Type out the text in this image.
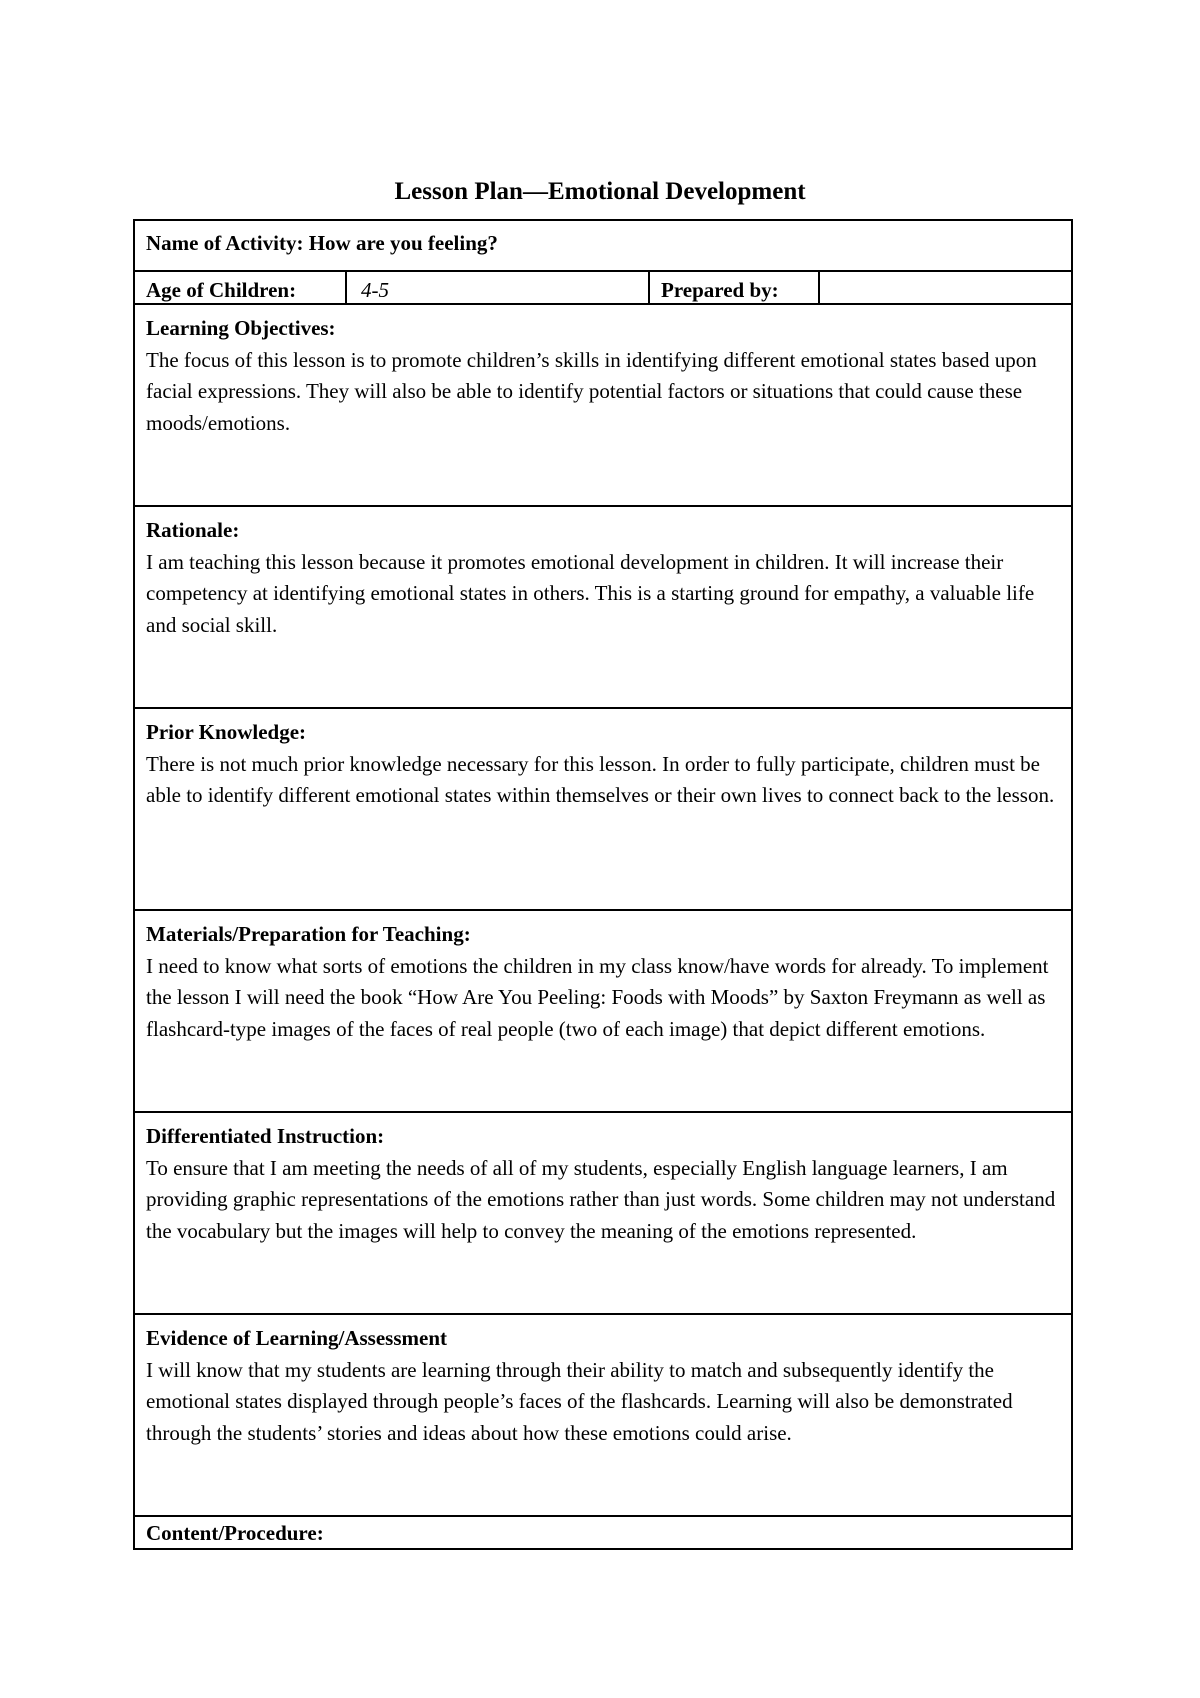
Lesson Plan—Emotional Development
Name of Activity: How are you feeling?
Age of Children:	4-5	Prepared by:
Learning Objectives:
The focus of this lesson is to promote children’s skills in identifying different emotional states based upon facial expressions. They will also be able to identify potential factors or situations that could cause these moods/emotions.
Rationale:
I am teaching this lesson because it promotes emotional development in children. It will increase their competency at identifying emotional states in others. This is a starting ground for empathy, a valuable life and social skill.
Prior Knowledge:
There is not much prior knowledge necessary for this lesson. In order to fully participate, children must be able to identify different emotional states within themselves or their own lives to connect back to the lesson.
Materials/Preparation for Teaching:
I need to know what sorts of emotions the children in my class know/have words for already. To implement the lesson I will need the book “How Are You Peeling: Foods with Moods” by Saxton Freymann as well as flashcard-type images of the faces of real people (two of each image) that depict different emotions.
Differentiated Instruction:
To ensure that I am meeting the needs of all of my students, especially English language learners, I am providing graphic representations of the emotions rather than just words. Some children may not understand the vocabulary but the images will help to convey the meaning of the emotions represented.
Evidence of Learning/Assessment
I will know that my students are learning through their ability to match and subsequently identify the emotional states displayed through people’s faces of the flashcards. Learning will also be demonstrated through the students’ stories and ideas about how these emotions could arise.
Content/Procedure:
